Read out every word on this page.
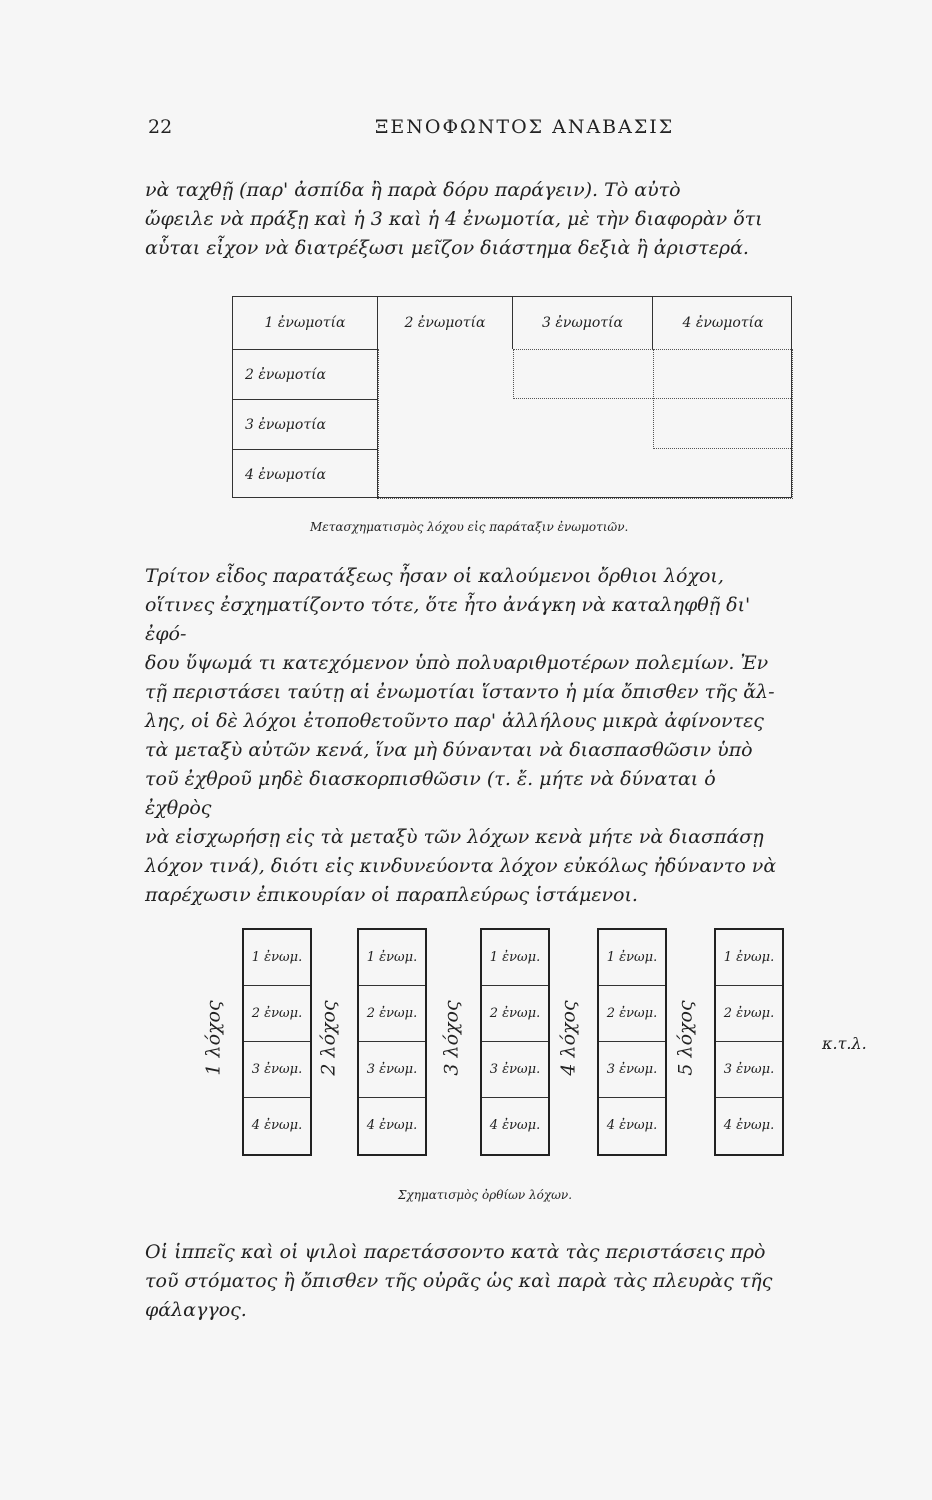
22	ΞΕΝΟΦΩΝΤΟΣ ΑΝΑΒΑΣΙΣ
νὰ ταχθῇ (παρ' ἀσπίδα ἢ παρὰ δόρυ παράγειν). Τὸ αὐτὸ
ὤφειλε νὰ πράξῃ καὶ ἡ 3 καὶ ἡ 4 ἐνωμοτία, μὲ τὴν διαφορὰν ὅτι
αὗται εἶχον νὰ διατρέξωσι μεῖζον διάστημα δεξιὰ ἢ ἀριστερά.
1 ἐνωμοτία	2 ἐνωμοτία	3 ἐνωμοτία	4 ἐνωμοτία
2 ἐνωμοτία
3 ἐνωμοτία
4 ἐνωμοτία
Μετασχηματισμὸς λόχου εἰς παράταξιν ἐνωμοτιῶν.
Τρίτον εἶδος παρατάξεως ἦσαν οἱ καλούμενοι ὄρθιοι λόχοι,
οἵτινες ἐσχηματίζοντο τότε, ὅτε ἦτο ἀνάγκη νὰ καταληφθῇ δι' ἐφό-
δου ὕψωμά τι κατεχόμενον ὑπὸ πολυαριθμοτέρων πολεμίων. Ἐν
τῇ περιστάσει ταύτῃ αἱ ἐνωμοτίαι ἵσταντο ἡ μία ὄπισθεν τῆς ἄλ-
λης, οἱ δὲ λόχοι ἐτοποθετοῦντο παρ' ἀλλήλους μικρὰ ἀφίνοντες
τὰ μεταξὺ αὐτῶν κενά, ἵνα μὴ δύνανται νὰ διασπασθῶσιν ὑπὸ
τοῦ ἐχθροῦ μηδὲ διασκορπισθῶσιν (τ. ἔ. μήτε νὰ δύναται ὁ ἐχθρὸς
νὰ εἰσχωρήσῃ εἰς τὰ μεταξὺ τῶν λόχων κενὰ μήτε νὰ διασπάσῃ
λόχον τινά), διότι εἰς κινδυνεύοντα λόχον εὐκόλως ἠδύναντο νὰ
παρέχωσιν ἐπικουρίαν οἱ παραπλεύρως ἱστάμενοι.
1 λόχος
1 ἐνωμ.
2 ἐνωμ.
3 ἐνωμ.
4 ἐνωμ.
2 λόχος
1 ἐνωμ.
2 ἐνωμ.
3 ἐνωμ.
4 ἐνωμ.
3 λόχος
1 ἐνωμ.
2 ἐνωμ.
3 ἐνωμ.
4 ἐνωμ.
4 λόχος
1 ἐνωμ.
2 ἐνωμ.
3 ἐνωμ.
4 ἐνωμ.
5 λόχος
1 ἐνωμ.
2 ἐνωμ.
3 ἐνωμ.
4 ἐνωμ.
κ.τ.λ.
Σχηματισμὸς ὀρθίων λόχων.
Οἱ ἱππεῖς καὶ οἱ ψιλοὶ παρετάσσοντο κατὰ τὰς περιστάσεις πρὸ
τοῦ στόματος ἢ ὄπισθεν τῆς οὐρᾶς ὡς καὶ παρὰ τὰς πλευρὰς τῆς
φάλαγγος.
